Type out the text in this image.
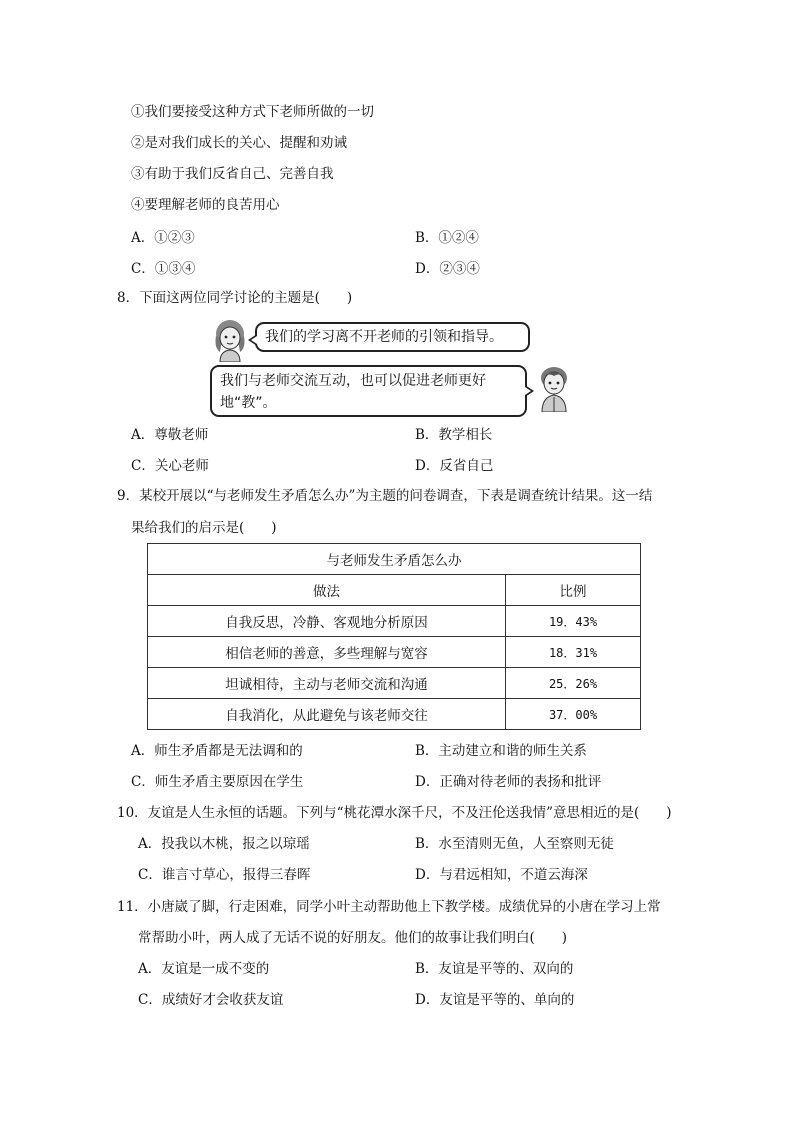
①我们要接受这种方式下老师所做的一切
②是对我们成长的关心、提醒和劝诫
③有助于我们反省自己、完善自我
④要理解老师的良苦用心
A．①②③	B．①②④
C．①③④	D．②③④
8．下面这两位同学讨论的主题是(　　)
我们的学习离不开老师的引领和指导。
我们与老师交流互动，也可以促进老师更好
地“教”。
A．尊敬老师	B．教学相长
C．关心老师	D．反省自己
9．某校开展以“与老师发生矛盾怎么办”为主题的问卷调查，下表是调查统计结果。这一结
果给我们的启示是(　　)
与老师发生矛盾怎么办	
做法	比例
自我反思，冷静、客观地分析原因	19．43%
相信老师的善意，多些理解与宽容	18．31%
坦诚相待，主动与老师交流和沟通	25．26%
自我消化，从此避免与该老师交往	37．00%
A．师生矛盾都是无法调和的	B．主动建立和谐的师生关系
C．师生矛盾主要原因在学生	D．正确对待老师的表扬和批评
10．友谊是人生永恒的话题。下列与“桃花潭水深千尺，不及汪伦送我情”意思相近的是(　　)
A．投我以木桃，报之以琼瑶	B．水至清则无鱼，人至察则无徒
C．谁言寸草心，报得三春晖	D．与君远相知，不道云海深
11．小唐崴了脚，行走困难，同学小叶主动帮助他上下教学楼。成绩优异的小唐在学习上常
常帮助小叶，两人成了无话不说的好朋友。他们的故事让我们明白(　　)
A．友谊是一成不变的	B．友谊是平等的、双向的
C．成绩好才会收获友谊	D．友谊是平等的、单向的
